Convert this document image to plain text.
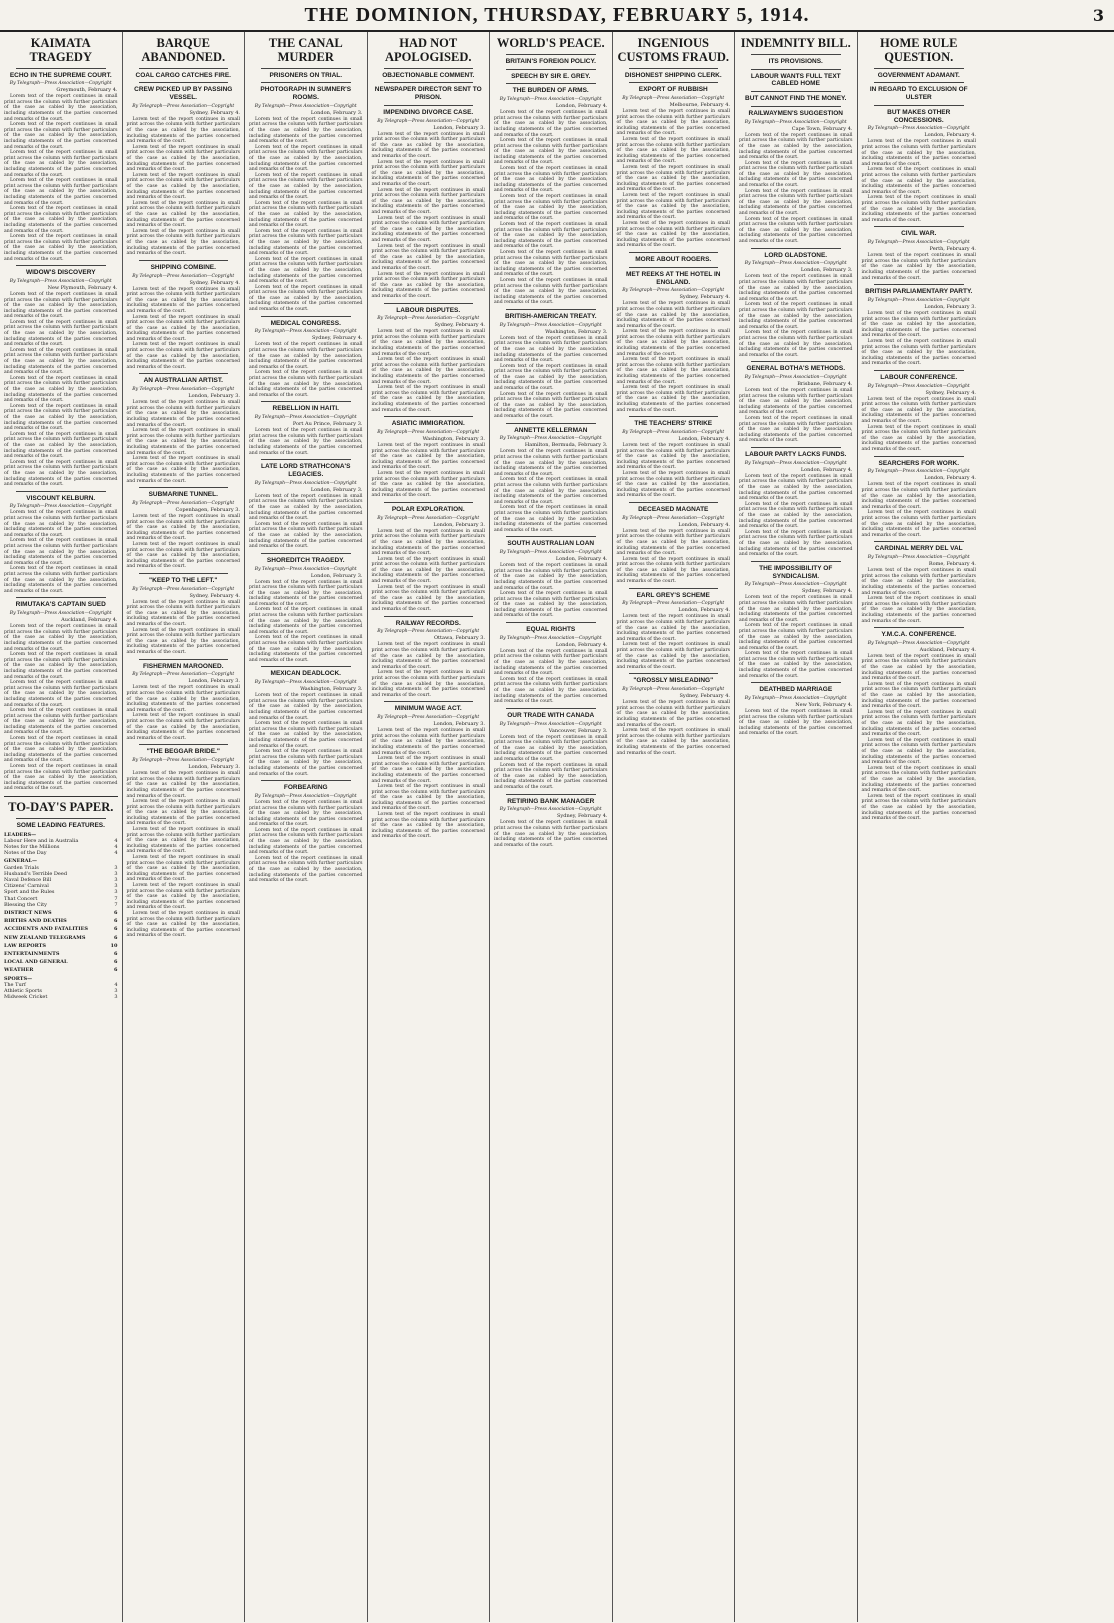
THE DOMINION, THURSDAY, FEBRUARY 5, 1914.	3
KAIMATA TRAGEDY
ECHO IN THE SUPREME COURT.
By Telegraph—Press Association—Copyright
Greymouth, February 4.

Lorem text of the report continues in small print across the column with further particulars of the case as cabled by the association, including statements of the parties concerned and remarks of the court.

Lorem text of the report continues in small print across the column with further particulars of the case as cabled by the association, including statements of the parties concerned and remarks of the court.

Lorem text of the report continues in small print across the column with further particulars of the case as cabled by the association, including statements of the parties concerned and remarks of the court.

Lorem text of the report continues in small print across the column with further particulars of the case as cabled by the association, including statements of the parties concerned and remarks of the court.

Lorem text of the report continues in small print across the column with further particulars of the case as cabled by the association, including statements of the parties concerned and remarks of the court.

Lorem text of the report continues in small print across the column with further particulars of the case as cabled by the association, including statements of the parties concerned and remarks of the court.

WIDOW'S DISCOVERY
By Telegraph—Press Association—Copyright
New Plymouth, February 4.

Lorem text of the report continues in small print across the column with further particulars of the case as cabled by the association, including statements of the parties concerned and remarks of the court.

Lorem text of the report continues in small print across the column with further particulars of the case as cabled by the association, including statements of the parties concerned and remarks of the court.

Lorem text of the report continues in small print across the column with further particulars of the case as cabled by the association, including statements of the parties concerned and remarks of the court.

Lorem text of the report continues in small print across the column with further particulars of the case as cabled by the association, including statements of the parties concerned and remarks of the court.

Lorem text of the report continues in small print across the column with further particulars of the case as cabled by the association, including statements of the parties concerned and remarks of the court.

Lorem text of the report continues in small print across the column with further particulars of the case as cabled by the association, including statements of the parties concerned and remarks of the court.

Lorem text of the report continues in small print across the column with further particulars of the case as cabled by the association, including statements of the parties concerned and remarks of the court.

VISCOUNT KELBURN.
By Telegraph—Press Association—Copyright

Lorem text of the report continues in small print across the column with further particulars of the case as cabled by the association, including statements of the parties concerned and remarks of the court.

Lorem text of the report continues in small print across the column with further particulars of the case as cabled by the association, including statements of the parties concerned and remarks of the court.

Lorem text of the report continues in small print across the column with further particulars of the case as cabled by the association, including statements of the parties concerned and remarks of the court.

RIMUTAKA'S CAPTAIN SUED
By Telegraph—Press Association—Copyright
Auckland, February 4.

Lorem text of the report continues in small print across the column with further particulars of the case as cabled by the association, including statements of the parties concerned and remarks of the court.

Lorem text of the report continues in small print across the column with further particulars of the case as cabled by the association, including statements of the parties concerned and remarks of the court.

Lorem text of the report continues in small print across the column with further particulars of the case as cabled by the association, including statements of the parties concerned and remarks of the court.

Lorem text of the report continues in small print across the column with further particulars of the case as cabled by the association, including statements of the parties concerned and remarks of the court.

Lorem text of the report continues in small print across the column with further particulars of the case as cabled by the association, including statements of the parties concerned and remarks of the court.

Lorem text of the report continues in small print across the column with further particulars of the case as cabled by the association, including statements of the parties concerned and remarks of the court.

TO-DAY'S PAPER.
SOME LEADING FEATURES.
LEADERS—
Labour Here and in Australia	4
Notes for the Millions	4
Notes of the Day	4
GENERAL—
Garden Trials	3
Husband's Terrible Deed	3
Naval Defence Bill	3
Citizens' Carnival	3
Sport and the Rules	3
That Concert	7
Blessing the City	7
DISTRICT NEWS	6
BIRTHS AND DEATHS	6
ACCIDENTS AND FATALITIES	6
NEW ZEALAND TELEGRAMS	6
LAW REPORTS	10
ENTERTAINMENTS	6
LOCAL AND GENERAL	6
WEATHER	6
SPORTS—
The Turf	4
Athletic Sports	3
Midweek Cricket	3
BARQUE ABANDONED.
COAL CARGO CATCHES FIRE.
CREW PICKED UP BY PASSING VESSEL.
By Telegraph—Press Association—Copyright
Sydney, February 4.

Lorem text of the report continues in small print across the column with further particulars of the case as cabled by the association, including statements of the parties concerned and remarks of the court.

Lorem text of the report continues in small print across the column with further particulars of the case as cabled by the association, including statements of the parties concerned and remarks of the court.

Lorem text of the report continues in small print across the column with further particulars of the case as cabled by the association, including statements of the parties concerned and remarks of the court.

Lorem text of the report continues in small print across the column with further particulars of the case as cabled by the association, including statements of the parties concerned and remarks of the court.

Lorem text of the report continues in small print across the column with further particulars of the case as cabled by the association, including statements of the parties concerned and remarks of the court.

SHIPPING COMBINE.
By Telegraph—Press Association—Copyright
Sydney, February 4.

Lorem text of the report continues in small print across the column with further particulars of the case as cabled by the association, including statements of the parties concerned and remarks of the court.

Lorem text of the report continues in small print across the column with further particulars of the case as cabled by the association, including statements of the parties concerned and remarks of the court.

Lorem text of the report continues in small print across the column with further particulars of the case as cabled by the association, including statements of the parties concerned and remarks of the court.

AN AUSTRALIAN ARTIST.
By Telegraph—Press Association—Copyright
London, February 3.

Lorem text of the report continues in small print across the column with further particulars of the case as cabled by the association, including statements of the parties concerned and remarks of the court.

Lorem text of the report continues in small print across the column with further particulars of the case as cabled by the association, including statements of the parties concerned and remarks of the court.

Lorem text of the report continues in small print across the column with further particulars of the case as cabled by the association, including statements of the parties concerned and remarks of the court.

SUBMARINE TUNNEL.
By Telegraph—Press Association—Copyright
Copenhagen, February 3.

Lorem text of the report continues in small print across the column with further particulars of the case as cabled by the association, including statements of the parties concerned and remarks of the court.

Lorem text of the report continues in small print across the column with further particulars of the case as cabled by the association, including statements of the parties concerned and remarks of the court.

"KEEP TO THE LEFT."
By Telegraph—Press Association—Copyright
Sydney, February 4.

Lorem text of the report continues in small print across the column with further particulars of the case as cabled by the association, including statements of the parties concerned and remarks of the court.

Lorem text of the report continues in small print across the column with further particulars of the case as cabled by the association, including statements of the parties concerned and remarks of the court.

FISHERMEN MAROONED.
By Telegraph—Press Association—Copyright
London, February 3.

Lorem text of the report continues in small print across the column with further particulars of the case as cabled by the association, including statements of the parties concerned and remarks of the court.

Lorem text of the report continues in small print across the column with further particulars of the case as cabled by the association, including statements of the parties concerned and remarks of the court.

"THE BEGGAR BRIDE."
By Telegraph—Press Association—Copyright
London, February 3.

Lorem text of the report continues in small print across the column with further particulars of the case as cabled by the association, including statements of the parties concerned and remarks of the court.

Lorem text of the report continues in small print across the column with further particulars of the case as cabled by the association, including statements of the parties concerned and remarks of the court.

Lorem text of the report continues in small print across the column with further particulars of the case as cabled by the association, including statements of the parties concerned and remarks of the court.

Lorem text of the report continues in small print across the column with further particulars of the case as cabled by the association, including statements of the parties concerned and remarks of the court.

Lorem text of the report continues in small print across the column with further particulars of the case as cabled by the association, including statements of the parties concerned and remarks of the court.

Lorem text of the report continues in small print across the column with further particulars of the case as cabled by the association, including statements of the parties concerned and remarks of the court.

THE CANAL MURDER
PRISONERS ON TRIAL.
PHOTOGRAPH IN SUMNER'S ROOMS.
By Telegraph—Press Association—Copyright
London, February 3.

Lorem text of the report continues in small print across the column with further particulars of the case as cabled by the association, including statements of the parties concerned and remarks of the court.

Lorem text of the report continues in small print across the column with further particulars of the case as cabled by the association, including statements of the parties concerned and remarks of the court.

Lorem text of the report continues in small print across the column with further particulars of the case as cabled by the association, including statements of the parties concerned and remarks of the court.

Lorem text of the report continues in small print across the column with further particulars of the case as cabled by the association, including statements of the parties concerned and remarks of the court.

Lorem text of the report continues in small print across the column with further particulars of the case as cabled by the association, including statements of the parties concerned and remarks of the court.

Lorem text of the report continues in small print across the column with further particulars of the case as cabled by the association, including statements of the parties concerned and remarks of the court.

Lorem text of the report continues in small print across the column with further particulars of the case as cabled by the association, including statements of the parties concerned and remarks of the court.

MEDICAL CONGRESS.
By Telegraph—Press Association—Copyright
Sydney, February 4.

Lorem text of the report continues in small print across the column with further particulars of the case as cabled by the association, including statements of the parties concerned and remarks of the court.

Lorem text of the report continues in small print across the column with further particulars of the case as cabled by the association, including statements of the parties concerned and remarks of the court.

REBELLION IN HAITI.
By Telegraph—Press Association—Copyright
Port Au Prince, February 3.

Lorem text of the report continues in small print across the column with further particulars of the case as cabled by the association, including statements of the parties concerned and remarks of the court.

LATE LORD STRATHCONA'S LEGACIES.
By Telegraph—Press Association—Copyright
London, February 3.

Lorem text of the report continues in small print across the column with further particulars of the case as cabled by the association, including statements of the parties concerned and remarks of the court.

Lorem text of the report continues in small print across the column with further particulars of the case as cabled by the association, including statements of the parties concerned and remarks of the court.

SHOREDITCH TRAGEDY.
By Telegraph—Press Association—Copyright
London, February 3.

Lorem text of the report continues in small print across the column with further particulars of the case as cabled by the association, including statements of the parties concerned and remarks of the court.

Lorem text of the report continues in small print across the column with further particulars of the case as cabled by the association, including statements of the parties concerned and remarks of the court.

Lorem text of the report continues in small print across the column with further particulars of the case as cabled by the association, including statements of the parties concerned and remarks of the court.

MEXICAN DEADLOCK.
By Telegraph—Press Association—Copyright
Washington, February 3.

Lorem text of the report continues in small print across the column with further particulars of the case as cabled by the association, including statements of the parties concerned and remarks of the court.

Lorem text of the report continues in small print across the column with further particulars of the case as cabled by the association, including statements of the parties concerned and remarks of the court.

Lorem text of the report continues in small print across the column with further particulars of the case as cabled by the association, including statements of the parties concerned and remarks of the court.

FORBEARING
By Telegraph—Press Association—Copyright

Lorem text of the report continues in small print across the column with further particulars of the case as cabled by the association, including statements of the parties concerned and remarks of the court.

Lorem text of the report continues in small print across the column with further particulars of the case as cabled by the association, including statements of the parties concerned and remarks of the court.

Lorem text of the report continues in small print across the column with further particulars of the case as cabled by the association, including statements of the parties concerned and remarks of the court.

HAD NOT APOLOGISED.
OBJECTIONABLE COMMENT.
NEWSPAPER DIRECTOR SENT TO PRISON.
IMPENDING DIVORCE CASE.
By Telegraph—Press Association—Copyright
London, February 3.

Lorem text of the report continues in small print across the column with further particulars of the case as cabled by the association, including statements of the parties concerned and remarks of the court.

Lorem text of the report continues in small print across the column with further particulars of the case as cabled by the association, including statements of the parties concerned and remarks of the court.

Lorem text of the report continues in small print across the column with further particulars of the case as cabled by the association, including statements of the parties concerned and remarks of the court.

Lorem text of the report continues in small print across the column with further particulars of the case as cabled by the association, including statements of the parties concerned and remarks of the court.

Lorem text of the report continues in small print across the column with further particulars of the case as cabled by the association, including statements of the parties concerned and remarks of the court.

Lorem text of the report continues in small print across the column with further particulars of the case as cabled by the association, including statements of the parties concerned and remarks of the court.

LABOUR DISPUTES.
By Telegraph—Press Association—Copyright
Sydney, February 4.

Lorem text of the report continues in small print across the column with further particulars of the case as cabled by the association, including statements of the parties concerned and remarks of the court.

Lorem text of the report continues in small print across the column with further particulars of the case as cabled by the association, including statements of the parties concerned and remarks of the court.

Lorem text of the report continues in small print across the column with further particulars of the case as cabled by the association, including statements of the parties concerned and remarks of the court.

ASIATIC IMMIGRATION.
By Telegraph—Press Association—Copyright
Washington, February 3.

Lorem text of the report continues in small print across the column with further particulars of the case as cabled by the association, including statements of the parties concerned and remarks of the court.

Lorem text of the report continues in small print across the column with further particulars of the case as cabled by the association, including statements of the parties concerned and remarks of the court.

POLAR EXPLORATION.
By Telegraph—Press Association—Copyright
London, February 3.

Lorem text of the report continues in small print across the column with further particulars of the case as cabled by the association, including statements of the parties concerned and remarks of the court.

Lorem text of the report continues in small print across the column with further particulars of the case as cabled by the association, including statements of the parties concerned and remarks of the court.

Lorem text of the report continues in small print across the column with further particulars of the case as cabled by the association, including statements of the parties concerned and remarks of the court.

RAILWAY RECORDS.
By Telegraph—Press Association—Copyright
Ottawa, February 3.

Lorem text of the report continues in small print across the column with further particulars of the case as cabled by the association, including statements of the parties concerned and remarks of the court.

Lorem text of the report continues in small print across the column with further particulars of the case as cabled by the association, including statements of the parties concerned and remarks of the court.

MINIMUM WAGE ACT.
By Telegraph—Press Association—Copyright
London, February 3.

Lorem text of the report continues in small print across the column with further particulars of the case as cabled by the association, including statements of the parties concerned and remarks of the court.

Lorem text of the report continues in small print across the column with further particulars of the case as cabled by the association, including statements of the parties concerned and remarks of the court.

Lorem text of the report continues in small print across the column with further particulars of the case as cabled by the association, including statements of the parties concerned and remarks of the court.

Lorem text of the report continues in small print across the column with further particulars of the case as cabled by the association, including statements of the parties concerned and remarks of the court.

WORLD'S PEACE.
BRITAIN'S FOREIGN POLICY.
SPEECH BY SIR E. GREY.
THE BURDEN OF ARMS.
By Telegraph—Press Association—Copyright
London, February 4.

Lorem text of the report continues in small print across the column with further particulars of the case as cabled by the association, including statements of the parties concerned and remarks of the court.

Lorem text of the report continues in small print across the column with further particulars of the case as cabled by the association, including statements of the parties concerned and remarks of the court.

Lorem text of the report continues in small print across the column with further particulars of the case as cabled by the association, including statements of the parties concerned and remarks of the court.

Lorem text of the report continues in small print across the column with further particulars of the case as cabled by the association, including statements of the parties concerned and remarks of the court.

Lorem text of the report continues in small print across the column with further particulars of the case as cabled by the association, including statements of the parties concerned and remarks of the court.

Lorem text of the report continues in small print across the column with further particulars of the case as cabled by the association, including statements of the parties concerned and remarks of the court.

Lorem text of the report continues in small print across the column with further particulars of the case as cabled by the association, including statements of the parties concerned and remarks of the court.

BRITISH-AMERICAN TREATY.
By Telegraph—Press Association—Copyright
Washington, February 3.

Lorem text of the report continues in small print across the column with further particulars of the case as cabled by the association, including statements of the parties concerned and remarks of the court.

Lorem text of the report continues in small print across the column with further particulars of the case as cabled by the association, including statements of the parties concerned and remarks of the court.

Lorem text of the report continues in small print across the column with further particulars of the case as cabled by the association, including statements of the parties concerned and remarks of the court.

ANNETTE KELLERMAN
By Telegraph—Press Association—Copyright
Hamilton, Bermuda, February 3.

Lorem text of the report continues in small print across the column with further particulars of the case as cabled by the association, including statements of the parties concerned and remarks of the court.

Lorem text of the report continues in small print across the column with further particulars of the case as cabled by the association, including statements of the parties concerned and remarks of the court.

Lorem text of the report continues in small print across the column with further particulars of the case as cabled by the association, including statements of the parties concerned and remarks of the court.

SOUTH AUSTRALIAN LOAN
By Telegraph—Press Association—Copyright
London, February 4.

Lorem text of the report continues in small print across the column with further particulars of the case as cabled by the association, including statements of the parties concerned and remarks of the court.

Lorem text of the report continues in small print across the column with further particulars of the case as cabled by the association, including statements of the parties concerned and remarks of the court.

EQUAL RIGHTS
By Telegraph—Press Association—Copyright
London, February 4.

Lorem text of the report continues in small print across the column with further particulars of the case as cabled by the association, including statements of the parties concerned and remarks of the court.

Lorem text of the report continues in small print across the column with further particulars of the case as cabled by the association, including statements of the parties concerned and remarks of the court.

OUR TRADE WITH CANADA
By Telegraph—Press Association—Copyright
Vancouver, February 3.

Lorem text of the report continues in small print across the column with further particulars of the case as cabled by the association, including statements of the parties concerned and remarks of the court.

Lorem text of the report continues in small print across the column with further particulars of the case as cabled by the association, including statements of the parties concerned and remarks of the court.

RETIRING BANK MANAGER
By Telegraph—Press Association—Copyright
Sydney, February 4.

Lorem text of the report continues in small print across the column with further particulars of the case as cabled by the association, including statements of the parties concerned and remarks of the court.

INGENIOUS CUSTOMS FRAUD.
DISHONEST SHIPPING CLERK.
EXPORT OF RUBBISH
By Telegraph—Press Association—Copyright
Melbourne, February 4.

Lorem text of the report continues in small print across the column with further particulars of the case as cabled by the association, including statements of the parties concerned and remarks of the court.

Lorem text of the report continues in small print across the column with further particulars of the case as cabled by the association, including statements of the parties concerned and remarks of the court.

Lorem text of the report continues in small print across the column with further particulars of the case as cabled by the association, including statements of the parties concerned and remarks of the court.

Lorem text of the report continues in small print across the column with further particulars of the case as cabled by the association, including statements of the parties concerned and remarks of the court.

Lorem text of the report continues in small print across the column with further particulars of the case as cabled by the association, including statements of the parties concerned and remarks of the court.

MORE ABOUT ROGERS.
MET REEKS AT THE HOTEL IN ENGLAND.
By Telegraph—Press Association—Copyright
Sydney, February 4.

Lorem text of the report continues in small print across the column with further particulars of the case as cabled by the association, including statements of the parties concerned and remarks of the court.

Lorem text of the report continues in small print across the column with further particulars of the case as cabled by the association, including statements of the parties concerned and remarks of the court.

Lorem text of the report continues in small print across the column with further particulars of the case as cabled by the association, including statements of the parties concerned and remarks of the court.

Lorem text of the report continues in small print across the column with further particulars of the case as cabled by the association, including statements of the parties concerned and remarks of the court.

THE TEACHERS' STRIKE
By Telegraph—Press Association—Copyright
London, February 4.

Lorem text of the report continues in small print across the column with further particulars of the case as cabled by the association, including statements of the parties concerned and remarks of the court.

Lorem text of the report continues in small print across the column with further particulars of the case as cabled by the association, including statements of the parties concerned and remarks of the court.

DECEASED MAGNATE
By Telegraph—Press Association—Copyright
London, February 4.

Lorem text of the report continues in small print across the column with further particulars of the case as cabled by the association, including statements of the parties concerned and remarks of the court.

Lorem text of the report continues in small print across the column with further particulars of the case as cabled by the association, including statements of the parties concerned and remarks of the court.

EARL GREY'S SCHEME
By Telegraph—Press Association—Copyright
London, February 4.

Lorem text of the report continues in small print across the column with further particulars of the case as cabled by the association, including statements of the parties concerned and remarks of the court.

Lorem text of the report continues in small print across the column with further particulars of the case as cabled by the association, including statements of the parties concerned and remarks of the court.

"GROSSLY MISLEADING"
By Telegraph—Press Association—Copyright
Sydney, February 4.

Lorem text of the report continues in small print across the column with further particulars of the case as cabled by the association, including statements of the parties concerned and remarks of the court.

Lorem text of the report continues in small print across the column with further particulars of the case as cabled by the association, including statements of the parties concerned and remarks of the court.

INDEMNITY BILL.
ITS PROVISIONS.
LABOUR WANTS FULL TEXT CABLED HOME
BUT CANNOT FIND THE MONEY.
RAILWAYMEN'S SUGGESTION
By Telegraph—Press Association—Copyright
Cape Town, February 4.

Lorem text of the report continues in small print across the column with further particulars of the case as cabled by the association, including statements of the parties concerned and remarks of the court.

Lorem text of the report continues in small print across the column with further particulars of the case as cabled by the association, including statements of the parties concerned and remarks of the court.

Lorem text of the report continues in small print across the column with further particulars of the case as cabled by the association, including statements of the parties concerned and remarks of the court.

Lorem text of the report continues in small print across the column with further particulars of the case as cabled by the association, including statements of the parties concerned and remarks of the court.

LORD GLADSTONE.
By Telegraph—Press Association—Copyright
London, February 3.

Lorem text of the report continues in small print across the column with further particulars of the case as cabled by the association, including statements of the parties concerned and remarks of the court.

Lorem text of the report continues in small print across the column with further particulars of the case as cabled by the association, including statements of the parties concerned and remarks of the court.

Lorem text of the report continues in small print across the column with further particulars of the case as cabled by the association, including statements of the parties concerned and remarks of the court.

GENERAL BOTHA'S METHODS.
By Telegraph—Press Association—Copyright
Brisbane, February 4.

Lorem text of the report continues in small print across the column with further particulars of the case as cabled by the association, including statements of the parties concerned and remarks of the court.

Lorem text of the report continues in small print across the column with further particulars of the case as cabled by the association, including statements of the parties concerned and remarks of the court.

LABOUR PARTY LACKS FUNDS.
By Telegraph—Press Association—Copyright
London, February 4.

Lorem text of the report continues in small print across the column with further particulars of the case as cabled by the association, including statements of the parties concerned and remarks of the court.

Lorem text of the report continues in small print across the column with further particulars of the case as cabled by the association, including statements of the parties concerned and remarks of the court.

Lorem text of the report continues in small print across the column with further particulars of the case as cabled by the association, including statements of the parties concerned and remarks of the court.

THE IMPOSSIBILITY OF SYNDICALISM.
By Telegraph—Press Association—Copyright
Sydney, February 4.

Lorem text of the report continues in small print across the column with further particulars of the case as cabled by the association, including statements of the parties concerned and remarks of the court.

Lorem text of the report continues in small print across the column with further particulars of the case as cabled by the association, including statements of the parties concerned and remarks of the court.

Lorem text of the report continues in small print across the column with further particulars of the case as cabled by the association, including statements of the parties concerned and remarks of the court.

DEATHBED MARRIAGE
By Telegraph—Press Association—Copyright
New York, February 4.

Lorem text of the report continues in small print across the column with further particulars of the case as cabled by the association, including statements of the parties concerned and remarks of the court.

HOME RULE QUESTION.
GOVERNMENT ADAMANT.
IN REGARD TO EXCLUSION OF ULSTER
BUT MAKES OTHER CONCESSIONS.
By Telegraph—Press Association—Copyright
London, February 4.

Lorem text of the report continues in small print across the column with further particulars of the case as cabled by the association, including statements of the parties concerned and remarks of the court.

Lorem text of the report continues in small print across the column with further particulars of the case as cabled by the association, including statements of the parties concerned and remarks of the court.

Lorem text of the report continues in small print across the column with further particulars of the case as cabled by the association, including statements of the parties concerned and remarks of the court.

CIVIL WAR.
By Telegraph—Press Association—Copyright
Perth, February 4.

Lorem text of the report continues in small print across the column with further particulars of the case as cabled by the association, including statements of the parties concerned and remarks of the court.

BRITISH PARLIAMENTARY PARTY.
By Telegraph—Press Association—Copyright
London, February 3.

Lorem text of the report continues in small print across the column with further particulars of the case as cabled by the association, including statements of the parties concerned and remarks of the court.

Lorem text of the report continues in small print across the column with further particulars of the case as cabled by the association, including statements of the parties concerned and remarks of the court.

LABOUR CONFERENCE.
By Telegraph—Press Association—Copyright
Sydney, February 4.

Lorem text of the report continues in small print across the column with further particulars of the case as cabled by the association, including statements of the parties concerned and remarks of the court.

Lorem text of the report continues in small print across the column with further particulars of the case as cabled by the association, including statements of the parties concerned and remarks of the court.

SEARCHERS FOR WORK.
By Telegraph—Press Association—Copyright
London, February 4.

Lorem text of the report continues in small print across the column with further particulars of the case as cabled by the association, including statements of the parties concerned and remarks of the court.

Lorem text of the report continues in small print across the column with further particulars of the case as cabled by the association, including statements of the parties concerned and remarks of the court.

CARDINAL MERRY DEL VAL
By Telegraph—Press Association—Copyright
Rome, February 4.

Lorem text of the report continues in small print across the column with further particulars of the case as cabled by the association, including statements of the parties concerned and remarks of the court.

Lorem text of the report continues in small print across the column with further particulars of the case as cabled by the association, including statements of the parties concerned and remarks of the court.

Y.M.C.A. CONFERENCE.
By Telegraph—Press Association—Copyright
Auckland, February 4.

Lorem text of the report continues in small print across the column with further particulars of the case as cabled by the association, including statements of the parties concerned and remarks of the court.

Lorem text of the report continues in small print across the column with further particulars of the case as cabled by the association, including statements of the parties concerned and remarks of the court.

Lorem text of the report continues in small print across the column with further particulars of the case as cabled by the association, including statements of the parties concerned and remarks of the court.

Lorem text of the report continues in small print across the column with further particulars of the case as cabled by the association, including statements of the parties concerned and remarks of the court.

Lorem text of the report continues in small print across the column with further particulars of the case as cabled by the association, including statements of the parties concerned and remarks of the court.

Lorem text of the report continues in small print across the column with further particulars of the case as cabled by the association, including statements of the parties concerned and remarks of the court.
